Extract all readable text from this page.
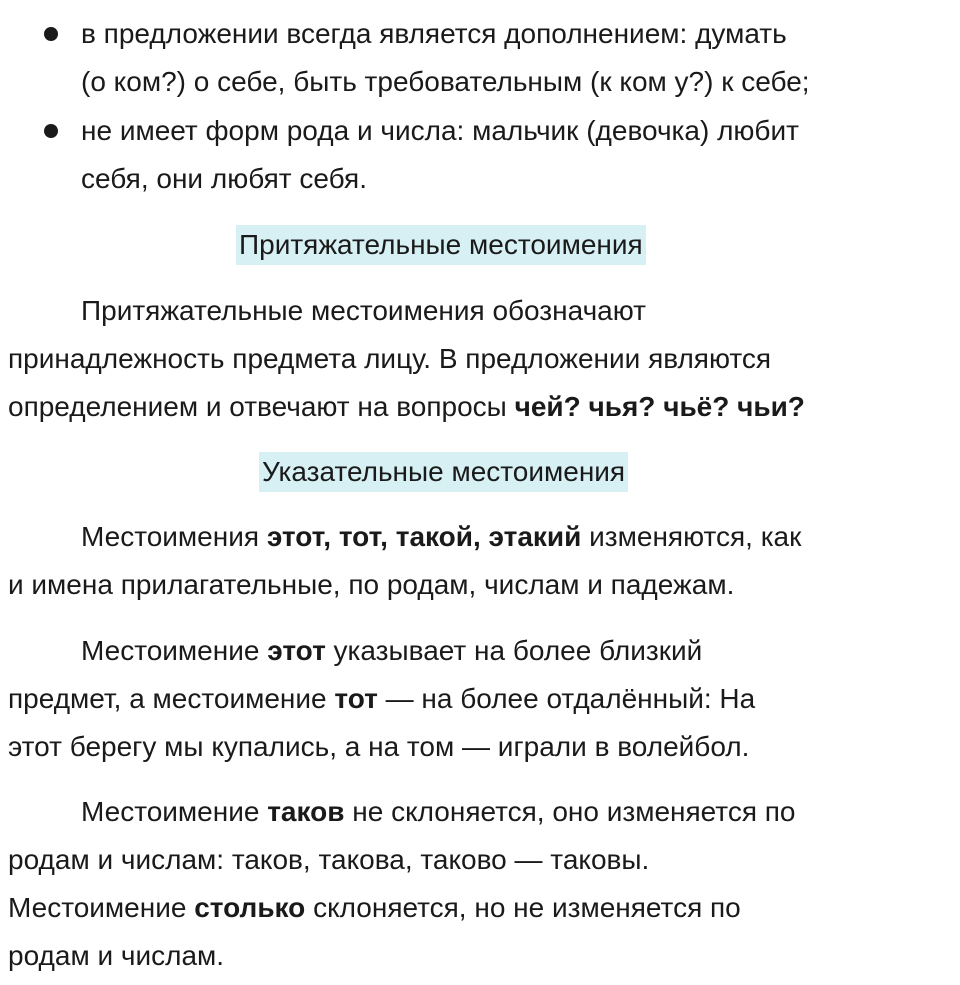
в предложении всегда является дополнением: думать
(о ком?) о себе, быть требовательным (к ком у?) к себе;
не имеет форм рода и числа: мальчик (девочка) любит
себя, они любят себя.
Притяжательные местоимения
Притяжательные местоимения обозначают
принадлежность предмета лицу. В предложении являются
определением и отвечают на вопросы чей? чья? чьё? чьи?
Указательные местоимения
Местоимения этот, тот, такой, этакий изменяются, как
и имена прилагательные, по родам, числам и падежам.
Местоимение этот указывает на более близкий
предмет, а местоимение тот — на более отдалённый: На
этот берегу мы купались, а на том — играли в волейбол.
Местоимение таков не склоняется, оно изменяется по
родам и числам: таков, такова, таково — таковы.
Местоимение столько склоняется, но не изменяется по
родам и числам.
